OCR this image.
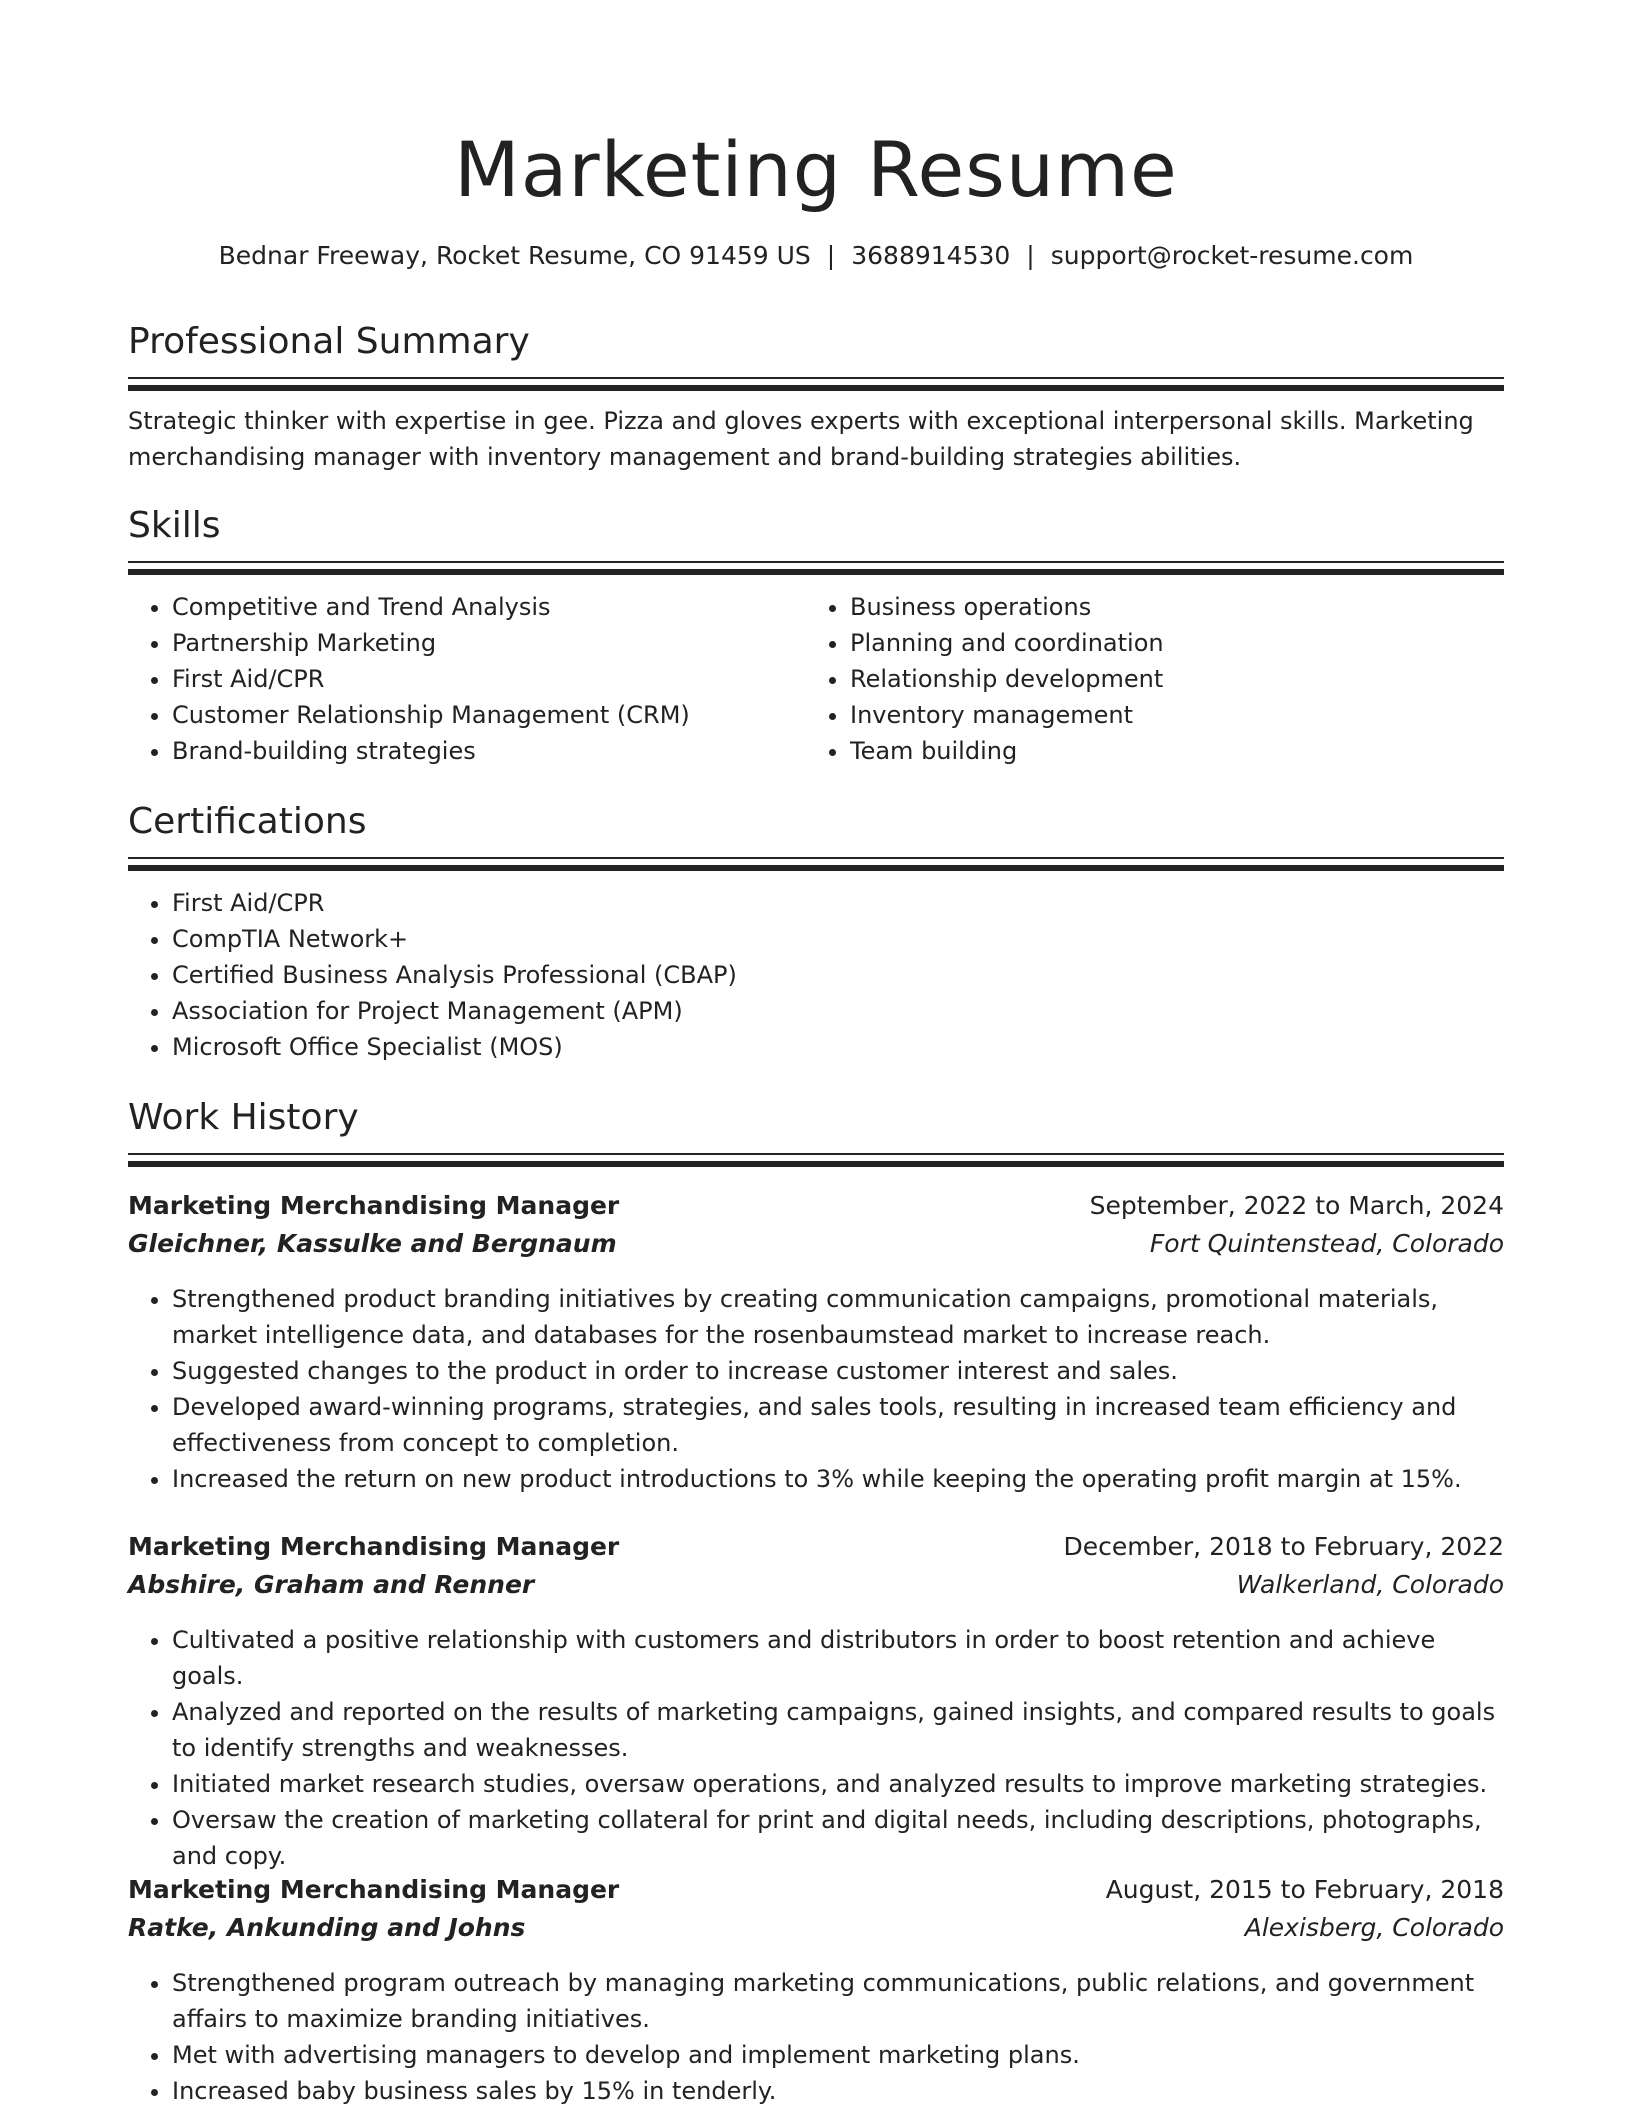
Marketing Resume
Bednar Freeway, Rocket Resume, CO 91459 US | 3688914530 | support@rocket-resume.com
Professional Summary
Strategic thinker with expertise in gee. Pizza and gloves experts with exceptional interpersonal skills. Marketing merchandising manager with inventory management and brand-building strategies abilities.
Skills
• Competitive and Trend Analysis
• Partnership Marketing
• First Aid/CPR
• Customer Relationship Management (CRM)
• Brand-building strategies
• Business operations
• Planning and coordination
• Relationship development
• Inventory management
• Team building
Certifications
• First Aid/CPR
• CompTIA Network+
• Certified Business Analysis Professional (CBAP)
• Association for Project Management (APM)
• Microsoft Office Specialist (MOS)
Work History
Marketing Merchandising Manager	September, 2022 to March, 2024
Gleichner, Kassulke and Bergnaum	Fort Quintenstead, Colorado
• Strengthened product branding initiatives by creating communication campaigns, promotional materials, market intelligence data, and databases for the rosenbaumstead market to increase reach.
• Suggested changes to the product in order to increase customer interest and sales.
• Developed award-winning programs, strategies, and sales tools, resulting in increased team efficiency and effectiveness from concept to completion.
• Increased the return on new product introductions to 3% while keeping the operating profit margin at 15%.
Marketing Merchandising Manager	December, 2018 to February, 2022
Abshire, Graham and Renner	Walkerland, Colorado
• Cultivated a positive relationship with customers and distributors in order to boost retention and achieve goals.
• Analyzed and reported on the results of marketing campaigns, gained insights, and compared results to goals to identify strengths and weaknesses.
• Initiated market research studies, oversaw operations, and analyzed results to improve marketing strategies.
• Oversaw the creation of marketing collateral for print and digital needs, including descriptions, photographs, and copy.
Marketing Merchandising Manager	August, 2015 to February, 2018
Ratke, Ankunding and Johns	Alexisberg, Colorado
• Strengthened program outreach by managing marketing communications, public relations, and government affairs to maximize branding initiatives.
• Met with advertising managers to develop and implement marketing plans.
• Increased baby business sales by 15% in tenderly.
